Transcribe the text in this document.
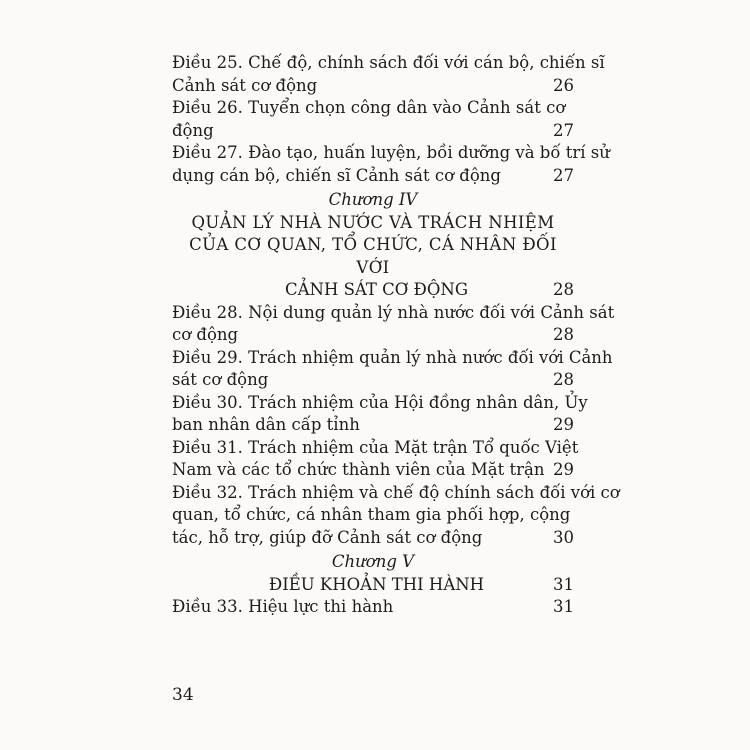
Điều 25. Chế độ, chính sách đối với cán bộ, chiến sĩ
Cảnh sát cơ động	26
Điều 26. Tuyển chọn công dân vào Cảnh sát cơ
động	27
Điều 27. Đào tạo, huấn luyện, bồi dưỡng và bố trí sử
dụng cán bộ, chiến sĩ Cảnh sát cơ động	27
Chương IV
QUẢN LÝ NHÀ NƯỚC VÀ TRÁCH NHIỆM
CỦA CƠ QUAN, TỔ CHỨC, CÁ NHÂN ĐỐI VỚI
CẢNH SÁT CƠ ĐỘNG	28
Điều 28. Nội dung quản lý nhà nước đối với Cảnh sát
cơ động	28
Điều 29. Trách nhiệm quản lý nhà nước đối với Cảnh
sát cơ động	28
Điều 30. Trách nhiệm của Hội đồng nhân dân, Ủy
ban nhân dân cấp tỉnh	29
Điều 31. Trách nhiệm của Mặt trận Tổ quốc Việt
Nam và các tổ chức thành viên của Mặt trận 29
Điều 32. Trách nhiệm và chế độ chính sách đối với cơ
quan, tổ chức, cá nhân tham gia phối hợp, cộng
tác, hỗ trợ, giúp đỡ Cảnh sát cơ động	30
Chương V
ĐIỀU KHOẢN THI HÀNH	31
Điều 33. Hiệu lực thi hành	31
34
